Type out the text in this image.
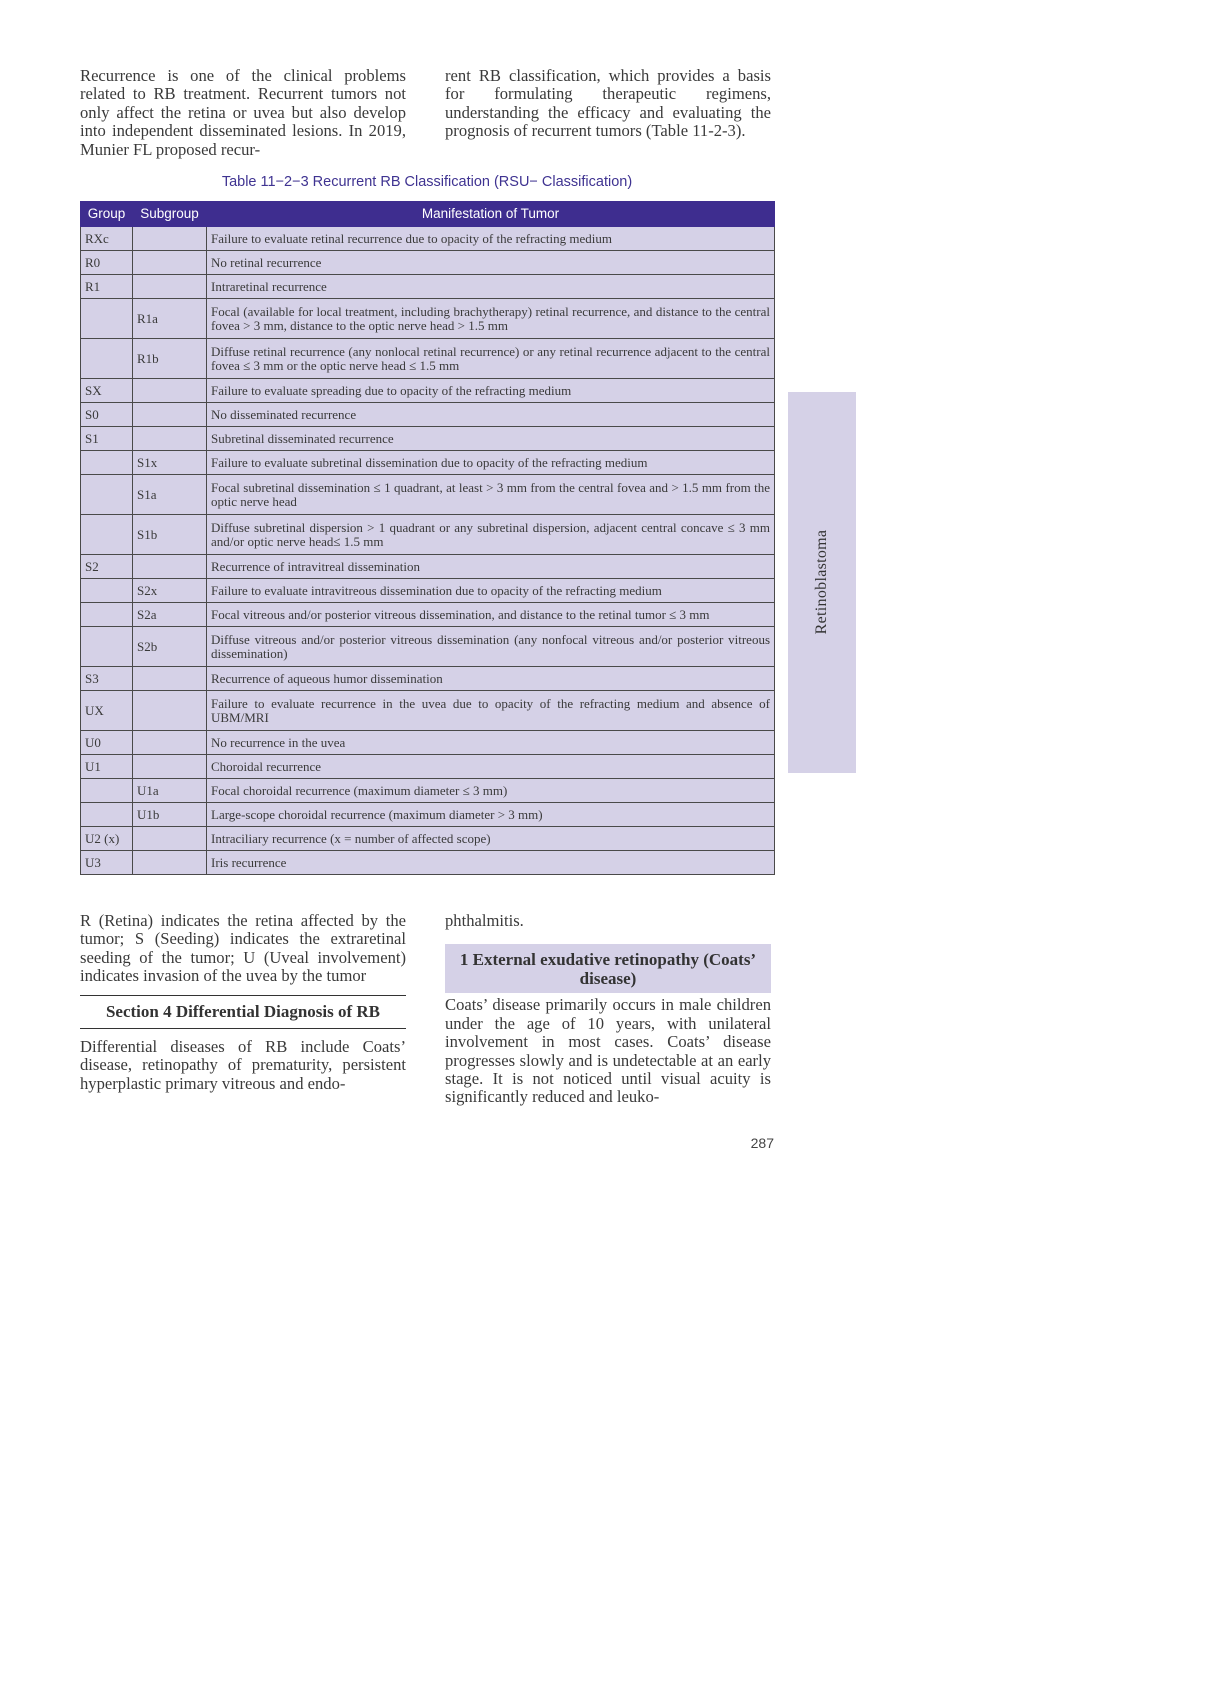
Recurrence is one of the clinical problems related to RB treatment. Recurrent tumors not only affect the retina or uvea but also develop into independent disseminated lesions. In 2019, Munier FL proposed recur-

rent RB classification, which provides a basis for formulating therapeutic regimens, understanding the efficacy and evaluating the prognosis of recurrent tumors (Table 11-2-3).

Table 11−2−3 Recurrent RB Classification (RSU− Classification)
Group	Subgroup	Manifestation of Tumor
RXc		Failure to evaluate retinal recurrence due to opacity of the refracting medium
R0		No retinal recurrence
R1		Intraretinal recurrence
	R1a	Focal (available for local treatment, including brachytherapy) retinal recurrence, and distance to the central fovea > 3 mm, distance to the optic nerve head > 1.5 mm
	R1b	Diffuse retinal recurrence (any nonlocal retinal recurrence) or any retinal recurrence adjacent to the central fovea ≤ 3 mm or the optic nerve head ≤ 1.5 mm
SX		Failure to evaluate spreading due to opacity of the refracting medium
S0		No disseminated recurrence
S1		Subretinal disseminated recurrence
	S1x	Failure to evaluate subretinal dissemination due to opacity of the refracting medium
	S1a	Focal subretinal dissemination ≤ 1 quadrant, at least > 3 mm from the central fovea and > 1.5 mm from the optic nerve head
	S1b	Diffuse subretinal dispersion > 1 quadrant or any subretinal dispersion, adjacent central concave ≤ 3 mm and/or optic nerve head≤ 1.5 mm
S2		Recurrence of intravitreal dissemination
	S2x	Failure to evaluate intravitreous dissemination due to opacity of the refracting medium
	S2a	Focal vitreous and/or posterior vitreous dissemination, and distance to the retinal tumor ≤ 3 mm
	S2b	Diffuse vitreous and/or posterior vitreous dissemination (any nonfocal vitreous and/or posterior vitreous dissemination)
S3		Recurrence of aqueous humor dissemination
UX		Failure to evaluate recurrence in the uvea due to opacity of the refracting medium and absence of UBM/MRI
U0		No recurrence in the uvea
U1		Choroidal recurrence
	U1a	Focal choroidal recurrence (maximum diameter ≤ 3 mm)
	U1b	Large-scope choroidal recurrence (maximum diameter > 3 mm)
U2 (x)		Intraciliary recurrence (x = number of affected scope)
U3		Iris recurrence

R (Retina) indicates the retina affected by the tumor; S (Seeding) indicates the extraretinal seeding of the tumor; U (Uveal involvement) indicates invasion of the uvea by the tumor

Section 4 Differential Diagnosis of RB

Differential diseases of RB include Coats’ disease, retinopathy of prematurity, persistent hyperplastic primary vitreous and endo-

phthalmitis.

1 External exudative retinopathy (Coats’ disease)

Coats’ disease primarily occurs in male children under the age of 10 years, with unilateral involvement in most cases. Coats’ disease progresses slowly and is undetectable at an early stage. It is not noticed until visual acuity is significantly reduced and leuko-

287
Retinoblastoma
